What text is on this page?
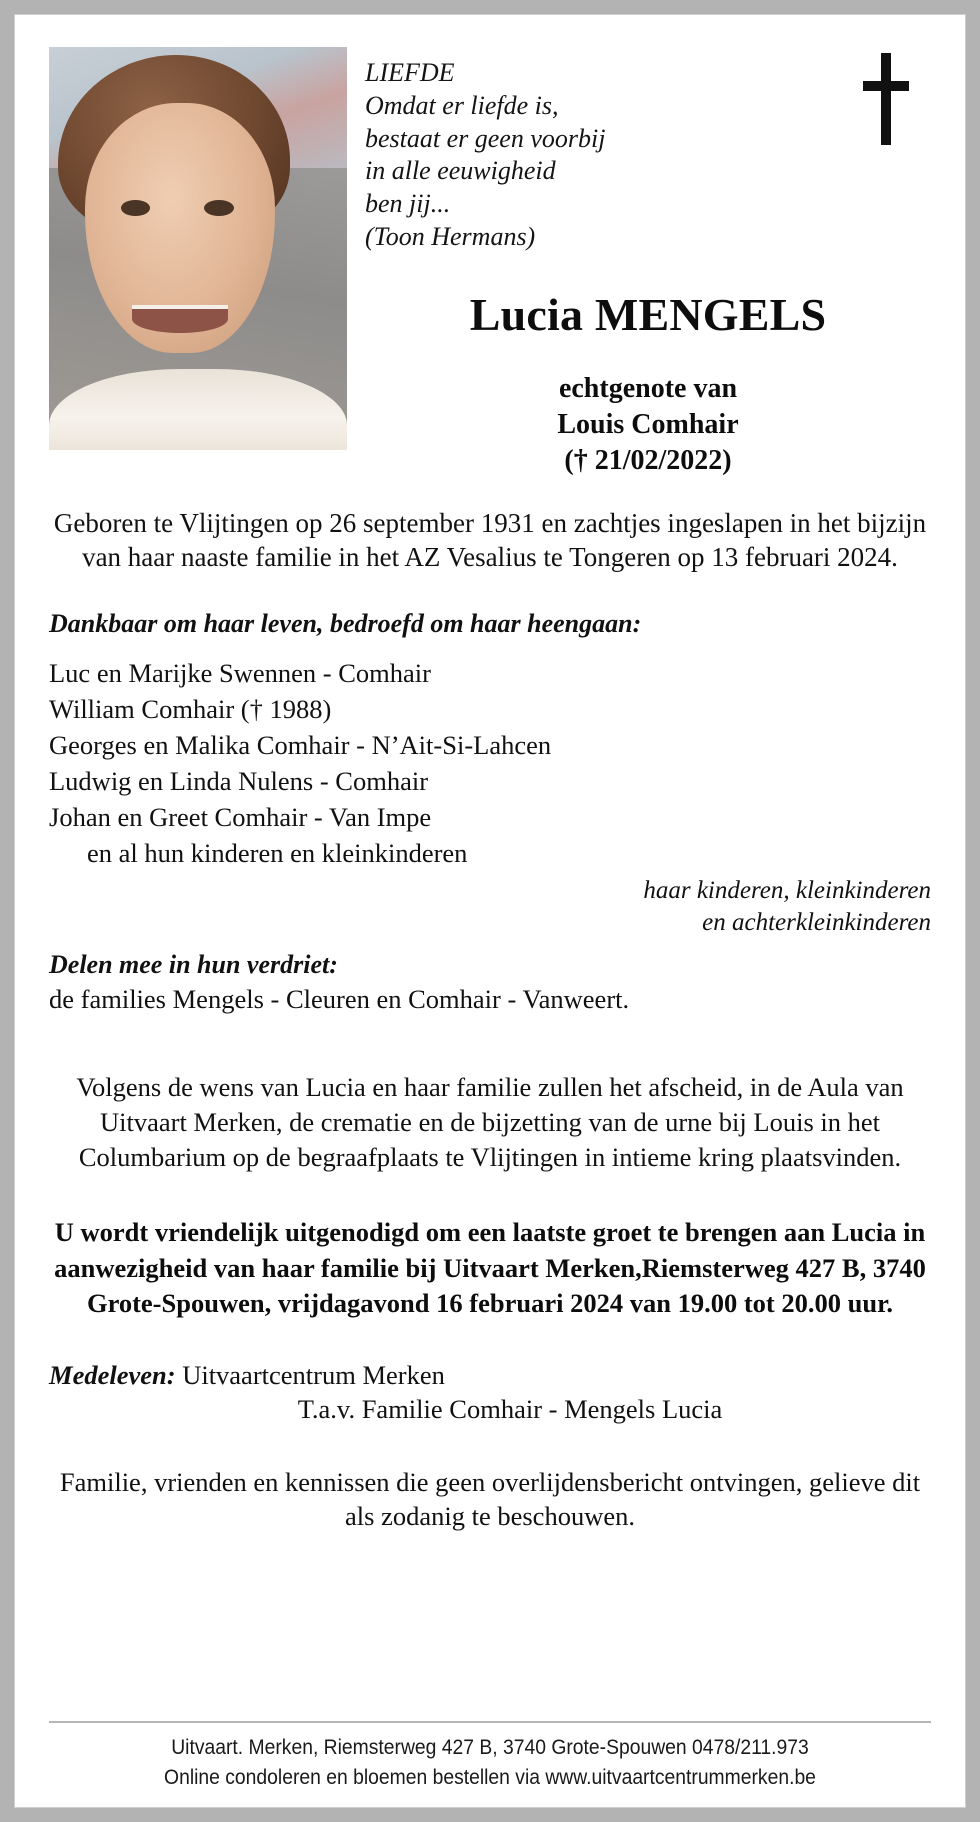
LIEFDE
Omdat er liefde is,
bestaat er geen voorbij
in alle eeuwigheid
ben jij...
(Toon Hermans)
Lucia MENGELS
echtgenote van
Louis Comhair
(† 21/02/2022)
Geboren te Vlijtingen op 26 september 1931 en zachtjes ingeslapen in het bijzijn van haar naaste familie in het AZ Vesalius te Tongeren op 13 februari 2024.
Dankbaar om haar leven, bedroefd om haar heengaan:
Luc en Marijke Swennen - Comhair
William Comhair († 1988)
Georges en Malika Comhair - N’Ait-Si-Lahcen
Ludwig en Linda Nulens - Comhair
Johan en Greet Comhair - Van Impe
en al hun kinderen en kleinkinderen
haar kinderen, kleinkinderen
en achterkleinkinderen
Delen mee in hun verdriet:
de families Mengels - Cleuren en Comhair - Vanweert.
Volgens de wens van Lucia en haar familie zullen het afscheid, in de Aula van Uitvaart Merken, de crematie en de bijzetting van de urne bij Louis in het Columbarium op de begraafplaats te Vlijtingen in intieme kring plaatsvinden.
U wordt vriendelijk uitgenodigd om een laatste groet te brengen aan Lucia in aanwezigheid van haar familie bij Uitvaart Merken,Riemsterweg 427 B, 3740 Grote-Spouwen, vrijdagavond 16 februari 2024 van 19.00 tot 20.00 uur.
Medeleven: Uitvaartcentrum Merken
T.a.v. Familie Comhair - Mengels Lucia
Familie, vrienden en kennissen die geen overlijdensbericht ontvingen, gelieve dit als zodanig te beschouwen.
Uitvaart. Merken, Riemsterweg 427 B, 3740 Grote-Spouwen 0478/211.973
Online condoleren en bloemen bestellen via www.uitvaartcentrummerken.be
